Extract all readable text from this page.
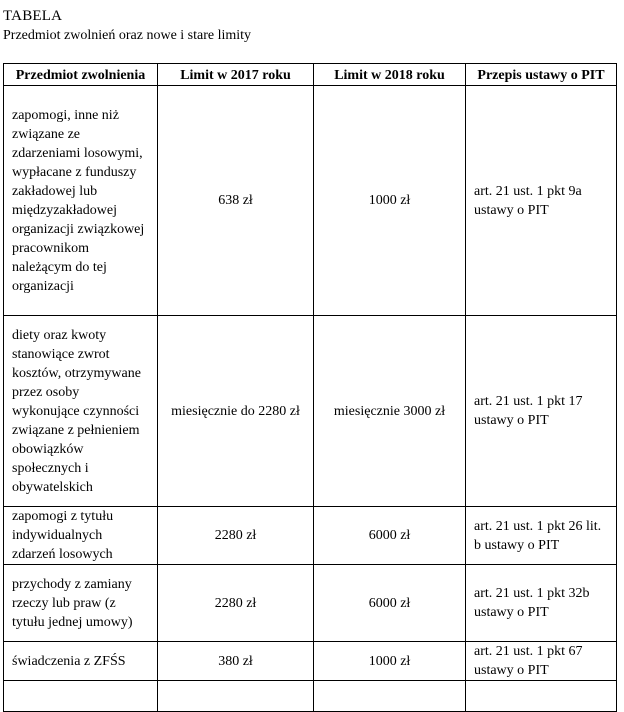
TABELA
Przedmiot zwolnień oraz nowe i stare limity
Przedmiot zwolnienia	Limit w 2017 roku	Limit w 2018 roku	Przepis ustawy o PIT
zapomogi, inne niż związane ze zdarzeniami losowymi, wypłacane z funduszy zakładowej lub międzyzakładowej organizacji związkowej pracownikom należącym do tej organizacji	638 zł	1000 zł	art. 21 ust. 1 pkt 9a ustawy o PIT
diety oraz kwoty stanowiące zwrot kosztów, otrzymywane przez osoby wykonujące czynności związane z pełnieniem obowiązków społecznych i obywatelskich	miesięcznie do 2280 zł	miesięcznie 3000 zł	art. 21 ust. 1 pkt 17 ustawy o PIT
zapomogi z tytułu indywidualnych zdarzeń losowych	2280 zł	6000 zł	art. 21 ust. 1 pkt 26 lit. b ustawy o PIT
przychody z zamiany rzeczy lub praw (z tytułu jednej umowy)	2280 zł	6000 zł	art. 21 ust. 1 pkt 32b ustawy o PIT
świadczenia z ZFŚS	380 zł	1000 zł	art. 21 ust. 1 pkt 67 ustawy o PIT
